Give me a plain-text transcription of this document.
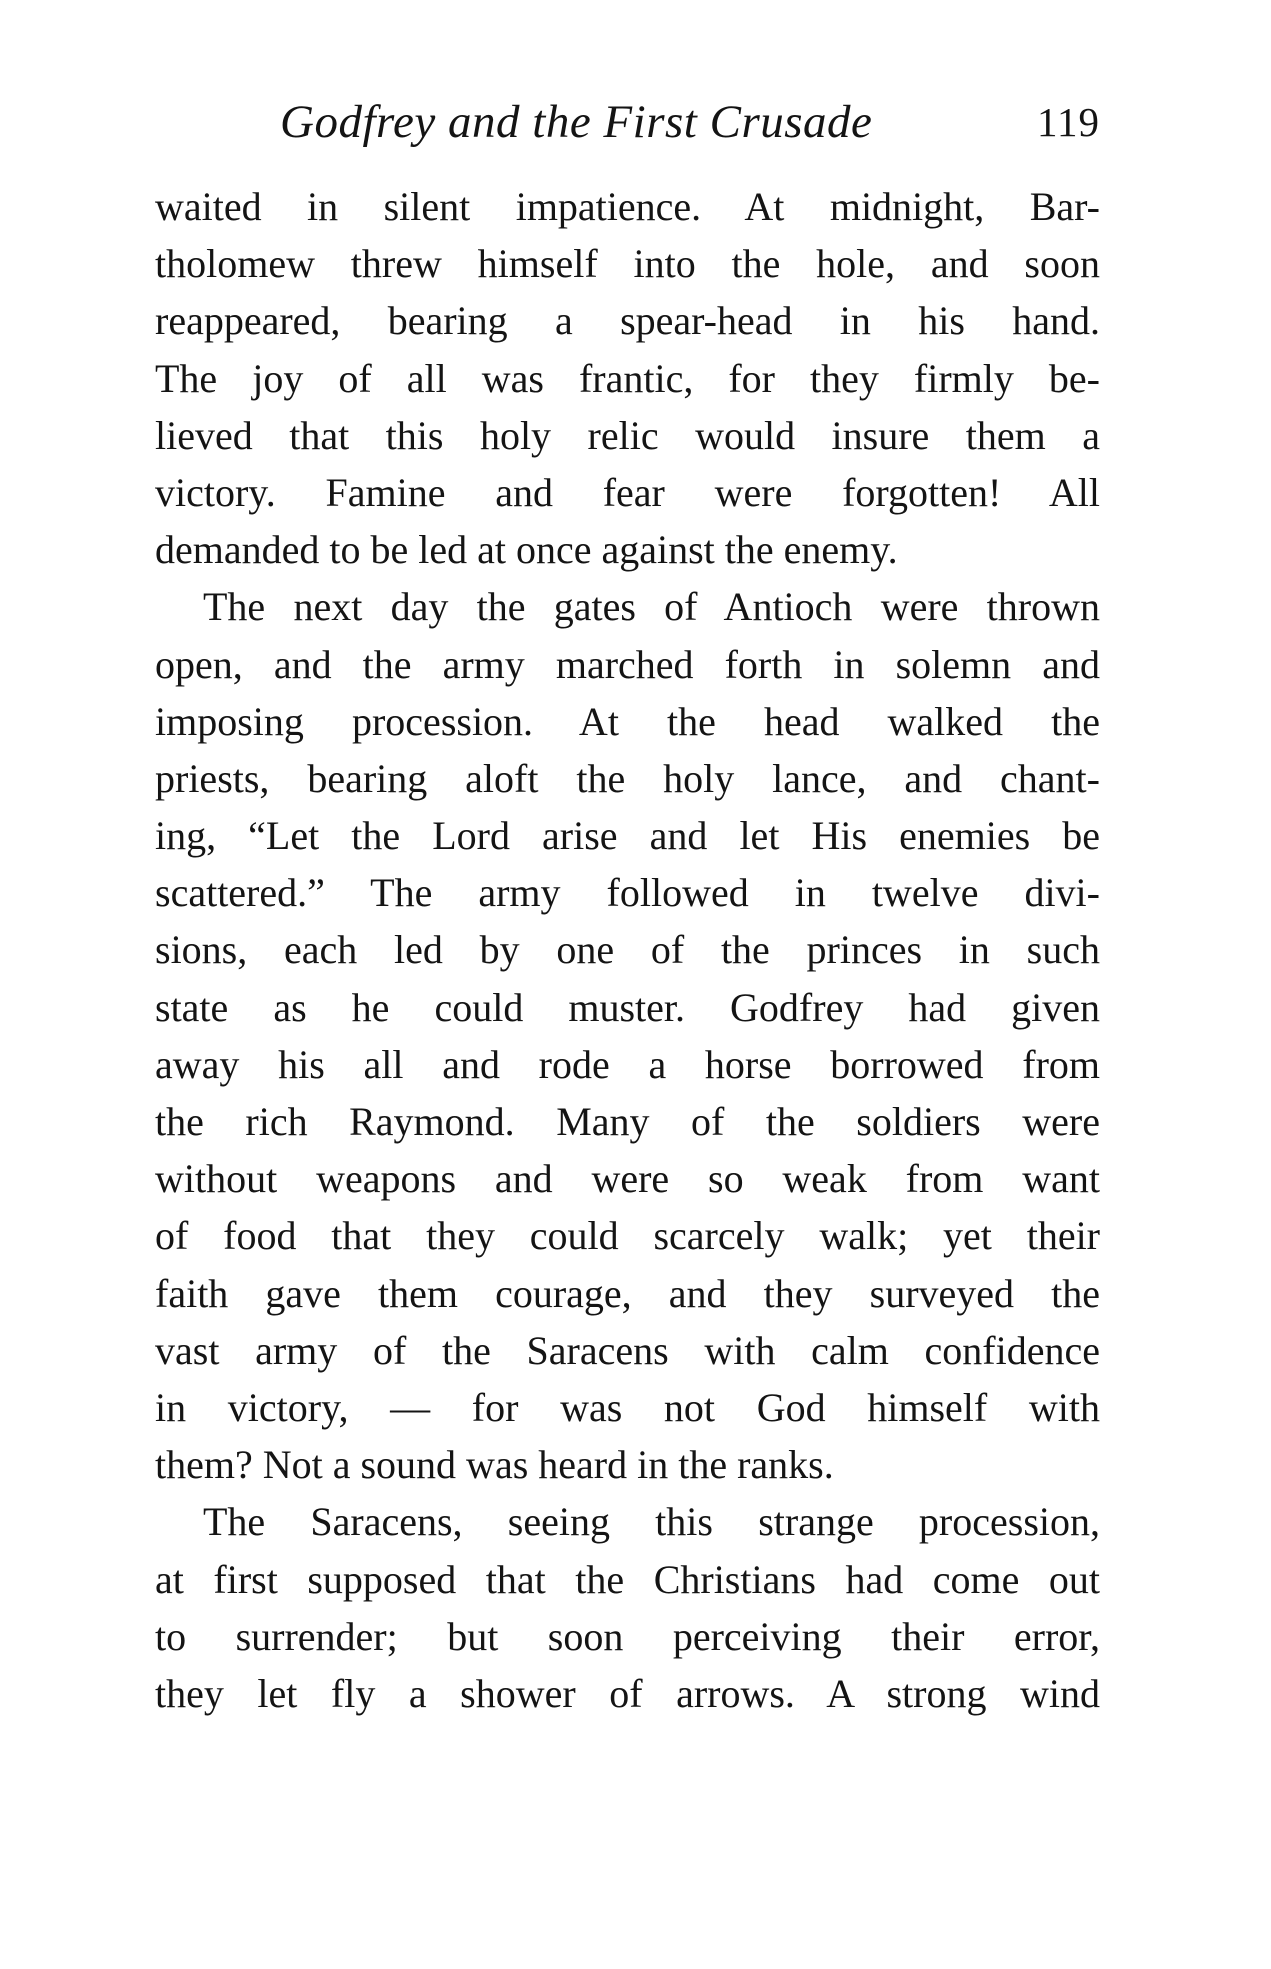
Godfrey and the First Crusade	119

waited in silent impatience. At midnight, Bar-
tholomew threw himself into the hole, and soon
reappeared, bearing a spear-head in his hand.
The joy of all was frantic, for they firmly be-
lieved that this holy relic would insure them a
victory. Famine and fear were forgotten! All
demanded to be led at once against the enemy.

The next day the gates of Antioch were thrown
open, and the army marched forth in solemn and
imposing procession. At the head walked the
priests, bearing aloft the holy lance, and chant-
ing, “Let the Lord arise and let His enemies be
scattered.” The army followed in twelve divi-
sions, each led by one of the princes in such
state as he could muster. Godfrey had given
away his all and rode a horse borrowed from
the rich Raymond. Many of the soldiers were
without weapons and were so weak from want
of food that they could scarcely walk; yet their
faith gave them courage, and they surveyed the
vast army of the Saracens with calm confidence
in victory, — for was not God himself with
them? Not a sound was heard in the ranks.

The Saracens, seeing this strange procession,
at first supposed that the Christians had come out
to surrender; but soon perceiving their error,
they let fly a shower of arrows. A strong wind
